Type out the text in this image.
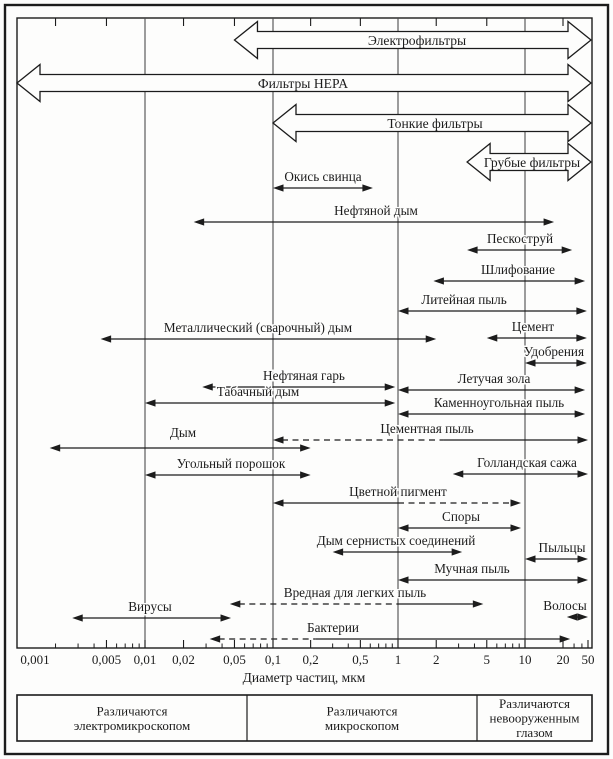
0,001	0,005 0,01 0,02 0,05 0,1 0,2	0,5 1 2	5 10 20 50
Диаметр частиц, мкм
Окись свинца
Нефтяной дым
Пескоструй
Шлифование
Литейная пыль
Металлический (сварочный) дым	Цемент
Удобрения
Нефтяная гарь	Летучая зола
Табачный дым
Каменноугольная пыль
Цементная пыль
Дым
Угольный порошок	Голландская сажа
Цветной пигмент
Споры
Дым сернистых соединений	Пыльцы
Мучная пыль
Вредная для легких пыль
Вирусы	Волосы
Бактерии
Электрофильтры
Фильтры HEPA
Тонкие фильтры
Грубые фильтры
Различаются
электромикроскопом
Различаются
микроскопом
Различаются
невооруженным
глазом
